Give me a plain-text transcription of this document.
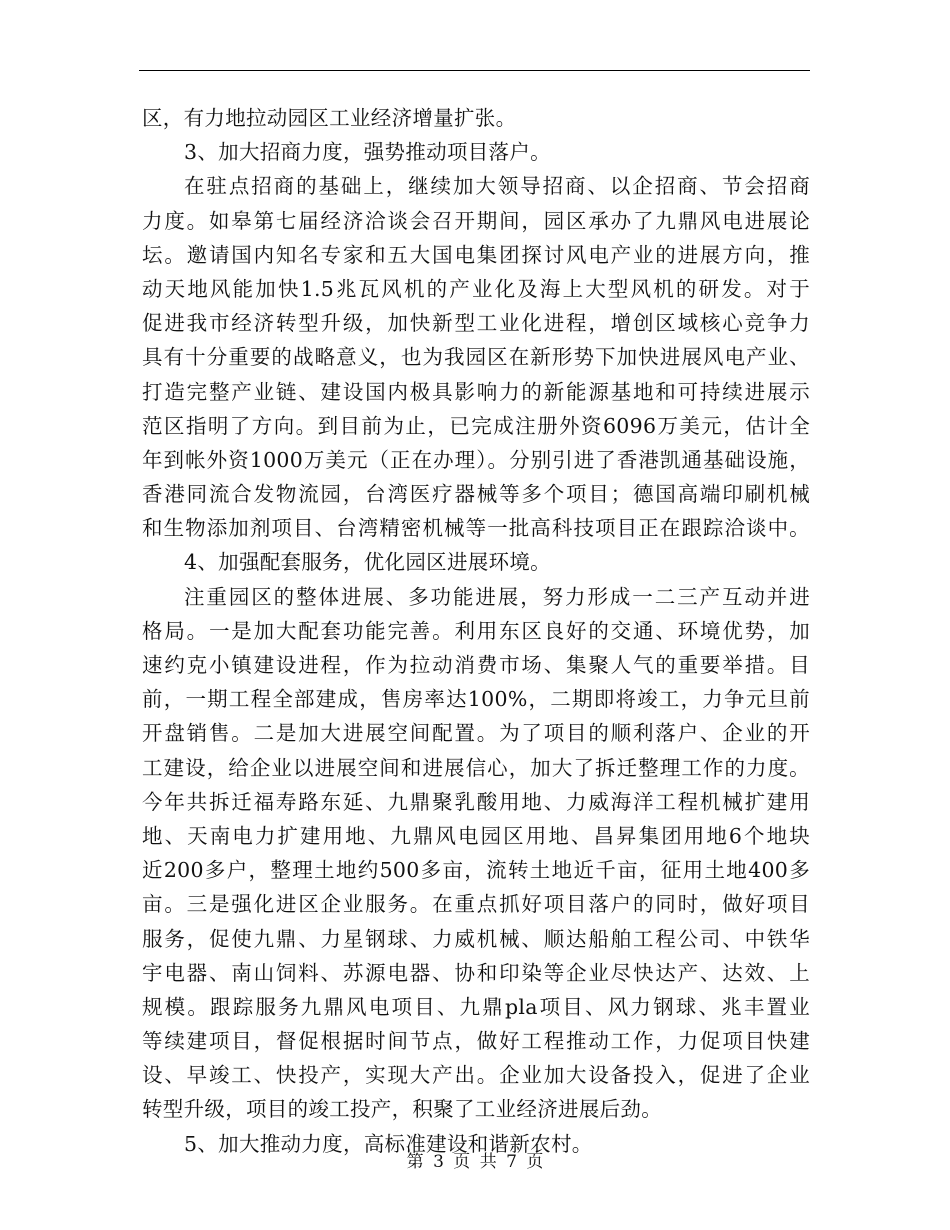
区，有力地拉动园区工业经济增量扩张。
3、加大招商力度，强势推动项目落户。
在驻点招商的基础上，继续加大领导招商、以企招商、节会招商
力度。如皋第七届经济洽谈会召开期间，园区承办了九鼎风电进展论
坛。邀请国内知名专家和五大国电集团探讨风电产业的进展方向，推
动天地风能加快1.5兆瓦风机的产业化及海上大型风机的研发。对于
促进我市经济转型升级，加快新型工业化进程，增创区域核心竞争力
具有十分重要的战略意义，也为我园区在新形势下加快进展风电产业、
打造完整产业链、建设国内极具影响力的新能源基地和可持续进展示
范区指明了方向。到目前为止，已完成注册外资6096万美元，估计全
年到帐外资1000万美元（正在办理）。分别引进了香港凯通基础设施，
香港同流合发物流园，台湾医疗器械等多个项目；德国高端印刷机械
和生物添加剂项目、台湾精密机械等一批高科技项目正在跟踪洽谈中。
4、加强配套服务，优化园区进展环境。
注重园区的整体进展、多功能进展，努力形成一二三产互动并进
格局。一是加大配套功能完善。利用东区良好的交通、环境优势，加
速约克小镇建设进程，作为拉动消费市场、集聚人气的重要举措。目
前，一期工程全部建成，售房率达100%，二期即将竣工，力争元旦前
开盘销售。二是加大进展空间配置。为了项目的顺利落户、企业的开
工建设，给企业以进展空间和进展信心，加大了拆迁整理工作的力度。
今年共拆迁福寿路东延、九鼎聚乳酸用地、力威海洋工程机械扩建用
地、天南电力扩建用地、九鼎风电园区用地、昌昇集团用地6个地块
近200多户，整理土地约500多亩，流转土地近千亩，征用土地400多
亩。三是强化进区企业服务。在重点抓好项目落户的同时，做好项目
服务，促使九鼎、力星钢球、力威机械、顺达船舶工程公司、中铁华
宇电器、南山饲料、苏源电器、协和印染等企业尽快达产、达效、上
规模。跟踪服务九鼎风电项目、九鼎pla项目、风力钢球、兆丰置业
等续建项目，督促根据时间节点，做好工程推动工作，力促项目快建
设、早竣工、快投产，实现大产出。企业加大设备投入，促进了企业
转型升级，项目的竣工投产，积聚了工业经济进展后劲。
5、加大推动力度，高标准建设和谐新农村。
第 3 页 共 7 页
